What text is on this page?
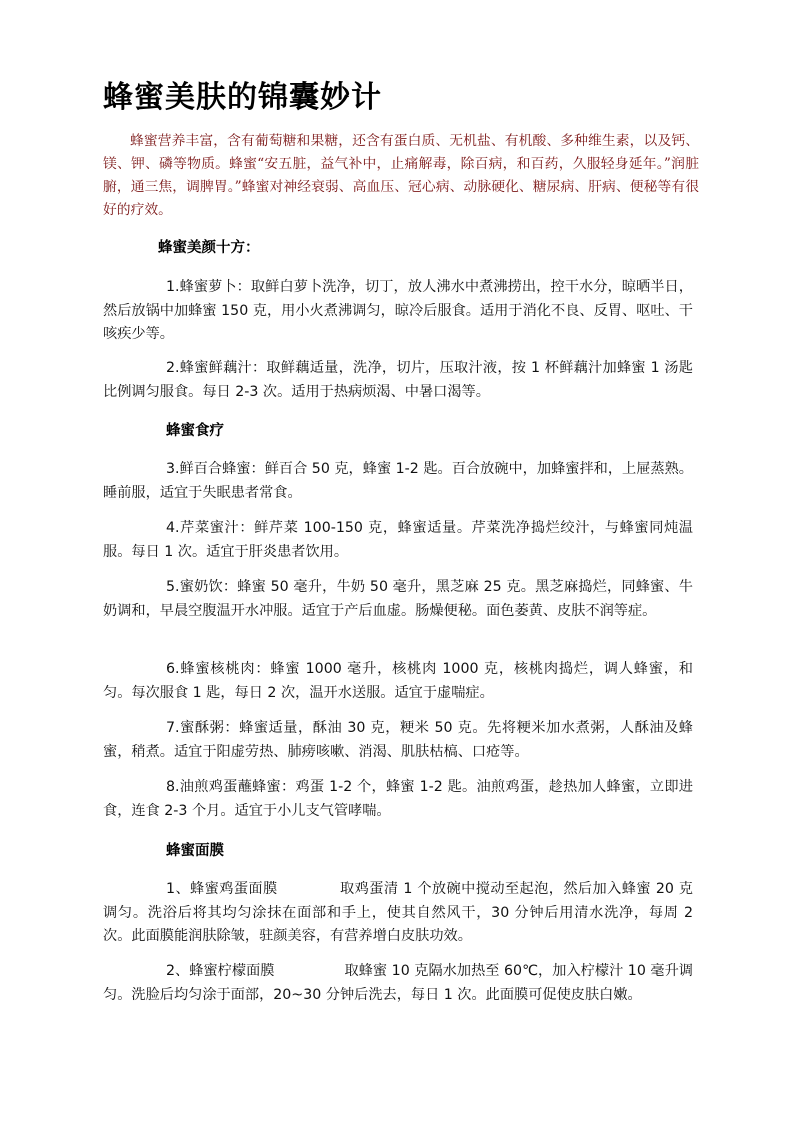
蜂蜜美肤的锦囊妙计

蜂蜜营养丰富，含有葡萄糖和果糖，还含有蛋白质、无机盐、有机酸、多种维生素，以及钙、镁、钾、磷等物质。蜂蜜“安五脏，益气补中，止痛解毒，除百病，和百药，久服轻身延年。”润脏腑，通三焦，调脾胃。”蜂蜜对神经衰弱、高血压、冠心病、动脉硬化、糖尿病、肝病、便秘等有很好的疗效。

蜂蜜美颜十方：

1.蜂蜜萝卜：取鲜白萝卜洗净，切丁，放人沸水中煮沸捞出，控干水分，晾晒半日，然后放锅中加蜂蜜 150 克，用小火煮沸调匀，晾冷后服食。适用于消化不良、反胃、呕吐、干咳疾少等。

2.蜂蜜鲜藕汁：取鲜藕适量，洗净，切片，压取汁液，按 1 杯鲜藕汁加蜂蜜 1 汤匙比例调匀服食。每日 2-3 次。适用于热病烦渴、中暑口渴等。

蜂蜜食疗

3.鲜百合蜂蜜：鲜百合 50 克，蜂蜜 1-2 匙。百合放碗中，加蜂蜜拌和，上屉蒸熟。睡前服，适宜于失眠患者常食。

4.芹菜蜜汁：鲜芹菜 100-150 克，蜂蜜适量。芹菜洗净捣烂绞汁，与蜂蜜同炖温服。每日 1 次。适宜于肝炎患者饮用。

5.蜜奶饮：蜂蜜 50 毫升，牛奶 50 毫升，黑芝麻 25 克。黑芝麻捣烂，同蜂蜜、牛奶调和，早晨空腹温开水冲服。适宜于产后血虚。肠燥便秘。面色萎黄、皮肤不润等症。

6.蜂蜜核桃肉：蜂蜜 1000 毫升，核桃肉 1000 克，核桃肉捣烂，调人蜂蜜，和匀。每次服食 1 匙，每日 2 次，温开水送服。适宜于虚喘症。

7.蜜酥粥：蜂蜜适量，酥油 30 克，粳米 50 克。先将粳米加水煮粥，人酥油及蜂蜜，稍煮。适宜于阳虚劳热、肺痨咳嗽、消渴、肌肤枯槁、口疮等。

8.油煎鸡蛋蘸蜂蜜：鸡蛋 1-2 个，蜂蜜 1-2 匙。油煎鸡蛋，趁热加人蜂蜜，立即进食，连食 2-3 个月。适宜于小儿支气管哮喘。

蜂蜜面膜

1、蜂蜜鸡蛋面膜	取鸡蛋清 1 个放碗中搅动至起泡，然后加入蜂蜜 20 克调匀。洗浴后将其均匀涂抹在面部和手上，使其自然风干，30 分钟后用清水洗净，每周 2 次。此面膜能润肤除皱，驻颜美容，有营养增白皮肤功效。

2、蜂蜜柠檬面膜	取蜂蜜 10 克隔水加热至 60℃，加入柠檬汁 10 毫升调匀。洗脸后均匀涂于面部，20~30 分钟后洗去，每日 1 次。此面膜可促使皮肤白嫩。
